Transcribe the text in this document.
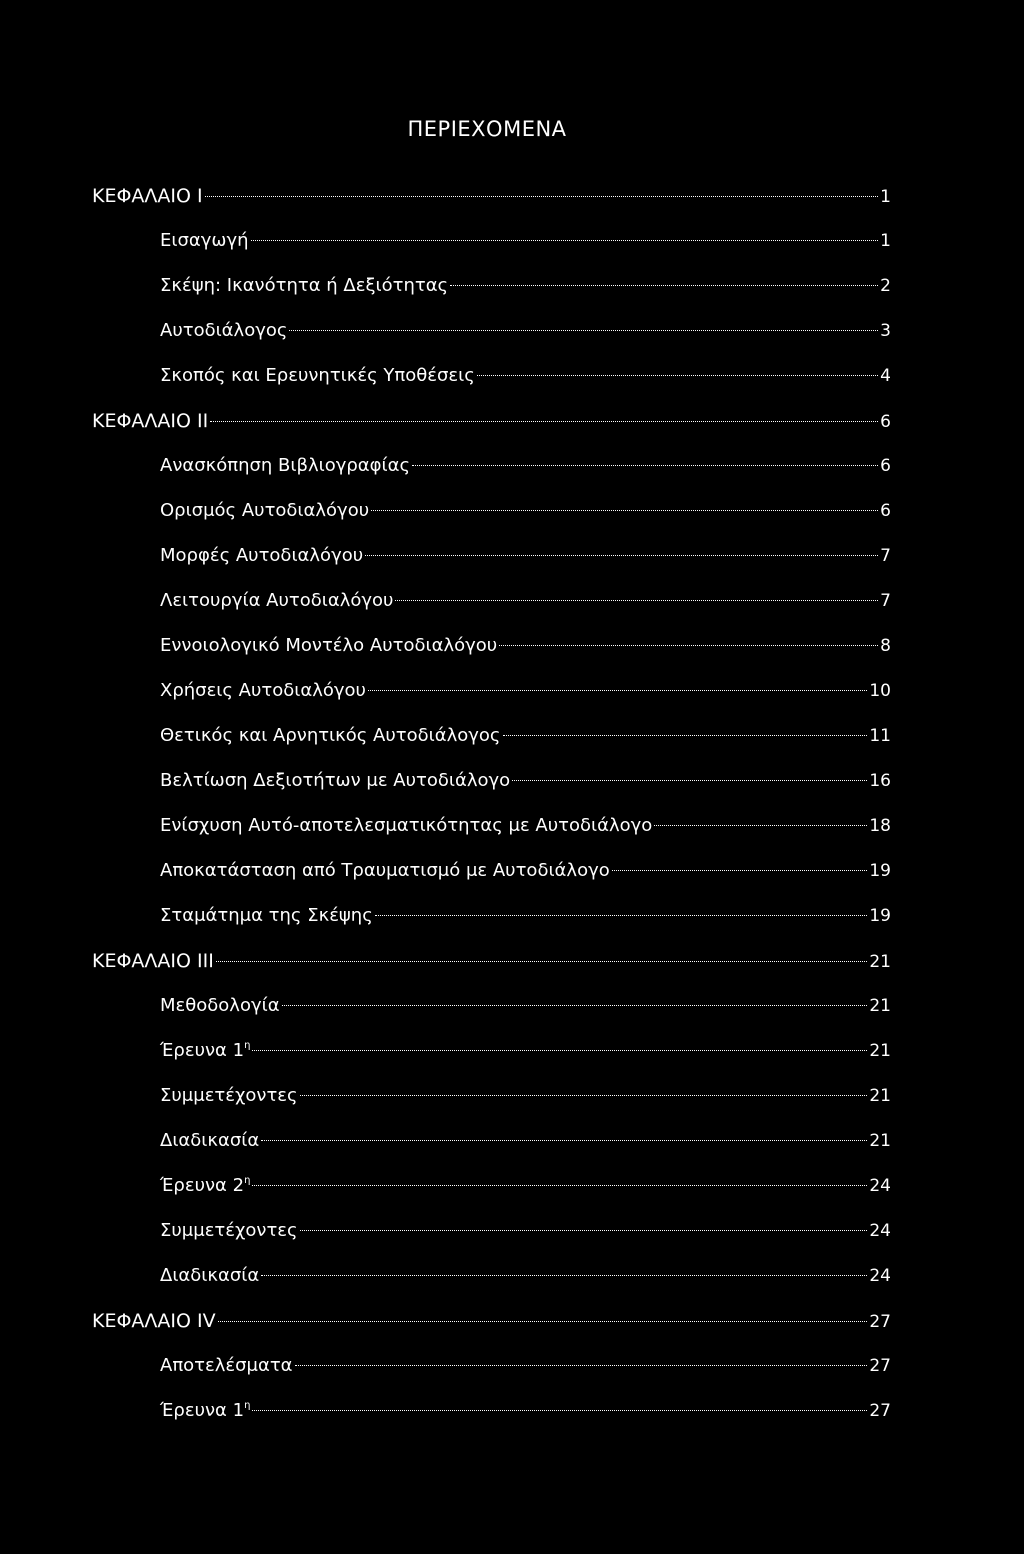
ΠΕΡΙΕΧΟΜΕΝΑ
ΚΕΦΑΛΑΙΟ Ι	1
Εισαγωγή	1
Σκέψη: Ικανότητα ή Δεξιότητας	2
Αυτοδιάλογος	3
Σκοπός και Ερευνητικές Υποθέσεις	4
ΚΕΦΑΛΑΙΟ ΙΙ	6
Ανασκόπηση Βιβλιογραφίας	6
Ορισμός Αυτοδιαλόγου	6
Μορφές Αυτοδιαλόγου	7
Λειτουργία Αυτοδιαλόγου	7
Εννοιολογικό Μοντέλο Αυτοδιαλόγου	8
Χρήσεις Αυτοδιαλόγου	10
Θετικός και Αρνητικός Αυτοδιάλογος	11
Βελτίωση Δεξιοτήτων με Αυτοδιάλογο	16
Ενίσχυση Αυτό-αποτελεσματικότητας με Αυτοδιάλογο	18
Αποκατάσταση από Τραυματισμό με Αυτοδιάλογο	19
Σταμάτημα της Σκέψης	19
ΚΕΦΑΛΑΙΟ ΙΙΙ	21
Μεθοδολογία	21
Έρευνα $1^\eta$	21
Συμμετέχοντες	21
Διαδικασία	21
Έρευνα $2^\eta$	24
Συμμετέχοντες	24
Διαδικασία	24
ΚΕΦΑΛΑΙΟ IV	27
Αποτελέσματα	27
Έρευνα $1^\eta$	27
